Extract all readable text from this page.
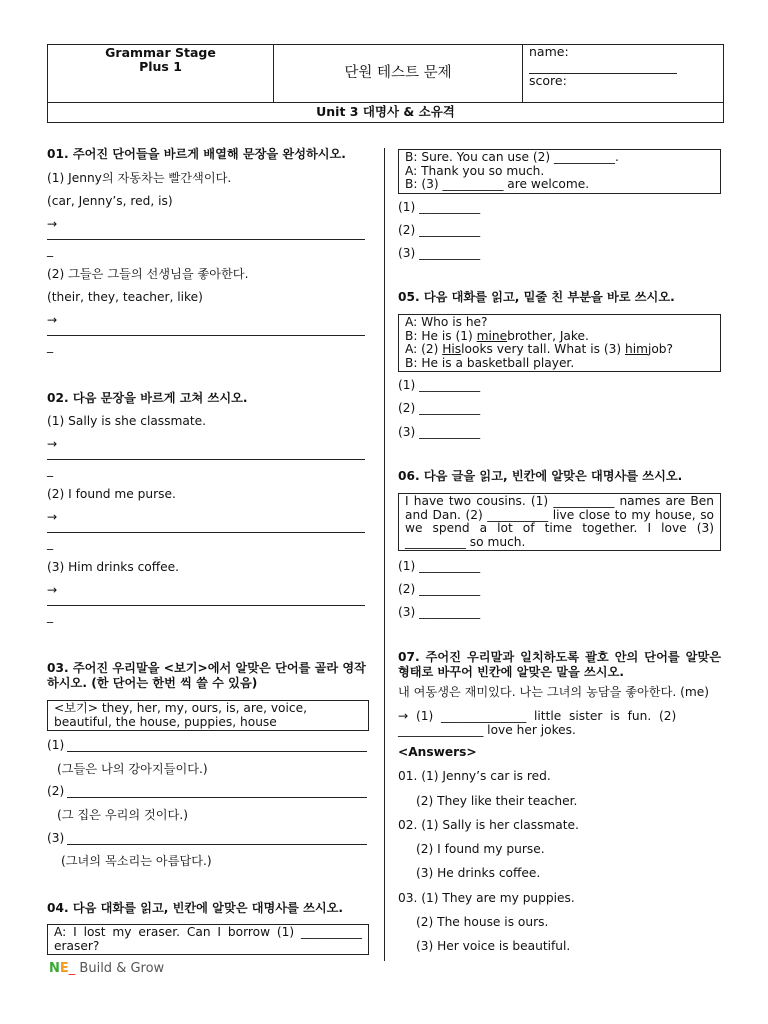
Grammar Stage
Plus 1	단원 테스트 문제
name:
score:
Unit 3 대명사 & 소유격
01. 주어진 단어들을 바르게 배열해 문장을 완성하시오.
(1) Jenny의 자동차는 빨간색이다.
(car, Jenny’s, red, is)
→
_
(2) 그들은 그들의 선생님을 좋아한다.
(their, they, teacher, like)
→
_
02. 다음 문장을 바르게 고쳐 쓰시오.
(1) Sally is she classmate.
→
_
(2) I found me purse.
→
_
(3) Him drinks coffee.
→
_
03. 주어진 우리말을 <보기>에서 알맞은 단어를 골라 영작하시오. (한 단어는 한번 씩 쓸 수 있음)
<보기> they, her, my, ours, is, are, voice, beautiful, the house, puppies, house
(1)
(그들은 나의 강아지들이다.)
(2)
(그 집은 우리의 것이다.)
(3)
(그녀의 목소리는 아름답다.)
04. 다음 대화를 읽고, 빈칸에 알맞은 대명사를 쓰시오.
A: I lost my eraser. Can I borrow (1) __________ eraser?
B: Sure. You can use (2) __________.
A: Thank you so much.
B: (3) __________ are welcome.
(1) __________
(2) __________
(3) __________
05. 다음 대화를 읽고, 밑줄 친 부분을 바로 쓰시오.
A: Who is he?
B: He is (1) minebrother, Jake.
A: (2) Hislooks very tall. What is (3) himjob?
B: He is a basketball player.
(1) __________
(2) __________
(3) __________
06. 다음 글을 읽고, 빈칸에 알맞은 대명사를 쓰시오.
I have two cousins. (1) __________ names are Ben and Dan. (2) __________ live close to my house, so we spend a lot of time together. I love (3) __________ so much.
(1) __________
(2) __________
(3) __________
07. 주어진 우리말과 일치하도록 괄호 안의 단어를 알맞은 형태로 바꾸어 빈칸에 알맞은 말을 쓰시오.
내 여동생은 재미있다. 나는 그녀의 농담을 좋아한다. (me)
→  (1)  ______________  little  sister  is  fun.  (2)
______________ love her jokes.
<Answers>
01. (1) Jenny’s car is red.
(2) They like their teacher.
02. (1) Sally is her classmate.
(2) I found my purse.
(3) He drinks coffee.
03. (1) They are my puppies.
(2) The house is ours.
(3) Her voice is beautiful.
NE_ Build & Grow
